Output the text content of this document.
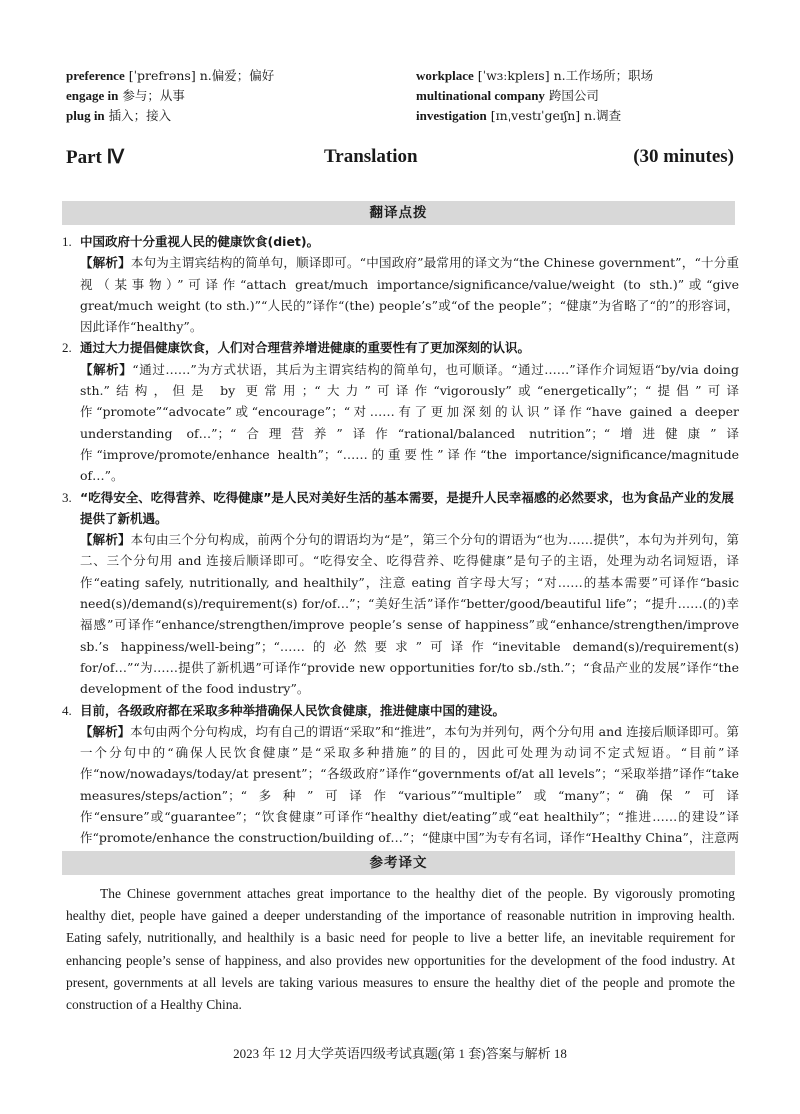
preference [ˈprefrəns] n.偏爱；偏好
engage in 参与；从事
plug in 插入；接入
workplace [ˈwɜːkpleɪs] n.工作场所；职场
multinational company 跨国公司
investigation [ɪnˌvestɪˈgeɪʃn] n.调查
Part Ⅳ	Translation	(30 minutes)
翻译点拨
1. 中国政府十分重视人民的健康饮食(diet)。
【解析】本句为主谓宾结构的简单句，顺译即可。“中国政府”最常用的译文为“the Chinese government”，“十分重视（某事物）”可译作“attach great/much importance/significance/value/weight (to sth.)”或“give great/much weight (to sth.)”“人民的”译作“(the) people’s”或“of the people”；“健康”为省略了“的”的形容词，因此译作“healthy”。
2. 通过大力提倡健康饮食，人们对合理营养增进健康的重要性有了更加深刻的认识。
【解析】“通过……”为方式状语，其后为主谓宾结构的简单句，也可顺译。“通过……”译作介词短语“by/via doing sth.”结构，但是 by 更常用；“大力”可译作“vigorously”或“energetically”；“提倡”可译作“promote”“advocate”或“encourage”；“对……有了更加深刻的认识”译作“have gained a deeper understanding of…”；“合理营养”译作“rational/balanced nutrition”；“增进健康”译作“improve/promote/enhance health”；“……的重要性”译作“the importance/significance/magnitude of…”。
3. “吃得安全、吃得营养、吃得健康”是人民对美好生活的基本需要，是提升人民幸福感的必然要求，也为食品产业的发展提供了新机遇。
【解析】本句由三个分句构成，前两个分句的谓语均为“是”，第三个分句的谓语为“也为……提供”，本句为并列句，第二、三个分句用 and 连接后顺译即可。“吃得安全、吃得营养、吃得健康”是句子的主语，处理为动名词短语，译作“eating safely, nutritionally, and healthily”，注意 eating 首字母大写；“对……的基本需要”可译作“basic need(s)/demand(s)/requirement(s) for/of…”；“美好生活”译作“better/good/beautiful life”；“提升……(的)幸福感”可译作“enhance/strengthen/improve people’s sense of happiness”或“enhance/strengthen/improve sb.’s happiness/well-being”；“……的必然要求”可译作“inevitable demand(s)/requirement(s) for/of…”“为……提供了新机遇”可译作“provide new opportunities for/to sb./sth.”；“食品产业的发展”译作“the development of the food industry”。
4. 目前，各级政府都在采取多种举措确保人民饮食健康，推进健康中国的建设。
【解析】本句由两个分句构成，均有自己的谓语“采取”和“推进”，本句为并列句，两个分句用 and 连接后顺译即可。第一个分句中的“确保人民饮食健康”是“采取多种措施”的目的，因此可处理为动词不定式短语。“目前”译作“now/nowadays/today/at present”；“各级政府”译作“governments of/at all levels”；“采取举措”译作“take measures/steps/action”；“多种”可译作“various”“multiple”或“many”；“确保”可译作“ensure”或“guarantee”；“饮食健康”可译作“healthy diet/eating”或“eat healthily”；“推进……的建设”译作“promote/enhance the construction/building of…”；“健康中国”为专有名词，译作“Healthy China”，注意两
参考译文
The Chinese government attaches great importance to the healthy diet of the people. By vigorously promoting healthy diet, people have gained a deeper understanding of the importance of reasonable nutrition in improving health. Eating safely, nutritionally, and healthily is a basic need for people to live a better life, an inevitable requirement for enhancing people’s sense of happiness, and also provides new opportunities for the development of the food industry. At present, governments at all levels are taking various measures to ensure the healthy diet of the people and promote the construction of a Healthy China.
2023 年 12 月大学英语四级考试真题(第 1 套)答案与解析 18
